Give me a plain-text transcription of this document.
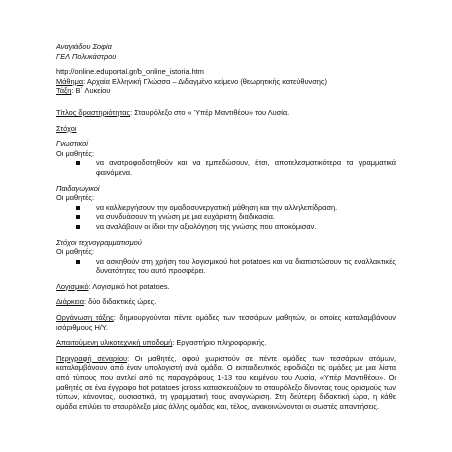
Αναγιάδου Σοφία

ΓΕΛ Πολυκάστρου

http://online.eduportal.gr/b_online_istoria.htm

Μάθημα: Αρχαία Ελληνική Γλώσσα – Διδαγμένο κείμενο (θεωρητικής κατεύθυνσης)

Τάξη: Β΄ Λυκείου

Τίτλος δραστηριότητας: Σταυρόλεξο στο « Ύπέρ Μαντιθέου» του Λυσία.

Στόχοι

Γνωστικοί

Οι μαθητές:

να ανατροφοδοτηθούν και να εμπεδώσουν, έτσι, αποτελεσματικότερα τα γραμματικά φαινόμενα.

Παιδαγωγικοί

Οι μαθητές:

να καλλιεργήσουν την ομαδοσυνεργατική μάθηση και την αλληλεπίδραση.
να συνδυάσουν τη γνώση με μια ευχάριστη διαδικασία.
να αναλάβουν οι ίδιοι την αξιολόγηση της γνώσης που αποκόμισαν.

Στόχοι τεχνογραμματισμού

Οι μαθητές:

να ασκηθούν στη χρήση του λογισμικού hot potatoes και να διαπιστώσουν τις εναλλακτικές δυνατότητες του αυτό προσφέρει.

Λογισμικό: Λογισμικό hot potatoes.

Διάρκεια: δύο διδακτικές ώρες.

Οργάνωση τάξης: δημιουργούνται πέντε ομάδες των τεσσάρων μαθητών, οι οποίες καταλαμβάνουν ισάριθμους Η/Υ.

Απαιτούμενη υλικοτεχνική υποδομή: Εργαστήριο πληροφορικής.

Περιγραφή σεναρίου: Οι μαθητές, αφού χωριστούν σε πέντε ομάδες των τεσσάρων ατόμων, καταλαμβάνουν από έναν υπολογιστή ανά ομάδα. Ο εκπαιδευτικός εφοδιάζει τις ομάδες με μια λίστα από τύπους που αντλεί από τις παραγράφους 1-13 του κειμένου του Λυσία, «Υπέρ Μαντιθέου». Οι μαθητές σε ένα έγγραφο hot potatoes jcross κατασκευάζουν το σταυρόλεξο δίνοντας τους ορισμούς των τύπων, κάνοντας, ουσιαστικά, τη γραμματική τους αναγνώριση. Στη δεύτερη διδακτική ώρα, η κάθε ομάδα επιλύει το σταυρόλεξο μίας άλλης ομάδας και, τέλος, ανακοινώνονται οι σωστές απαντήσεις.
